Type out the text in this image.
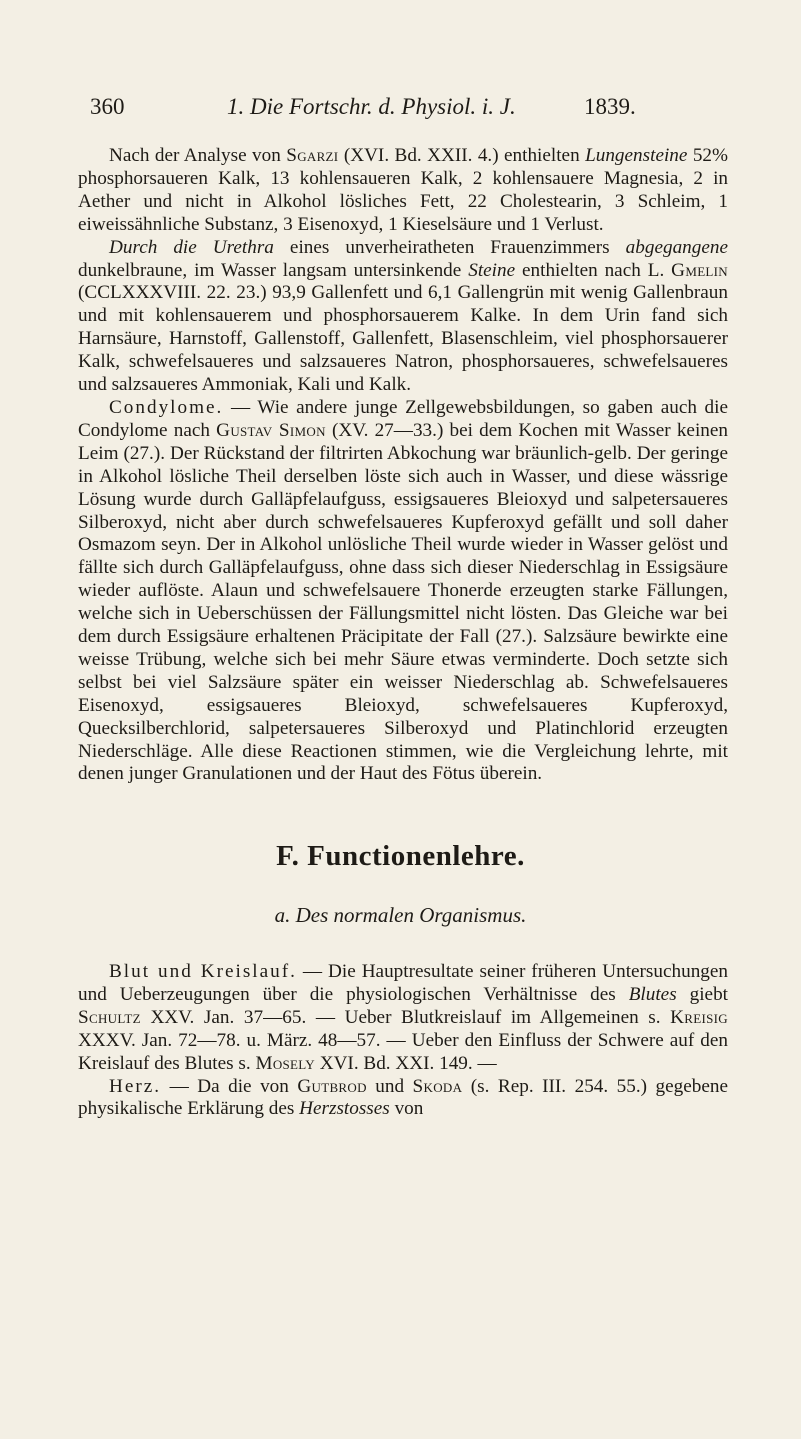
360	1. Die Fortschr. d. Physiol. i. J.	1839.

Nach der Analyse von Sgarzi (XVI. Bd. XXII. 4.) enthielten Lungensteine 52% phosphorsaueren Kalk, 13 kohlensaueren Kalk, 2 kohlensauere Magnesia, 2 in Aether und nicht in Alkohol lösliches Fett, 22 Cholestearin, 3 Schleim, 1 eiweissähnliche Substanz, 3 Eisenoxyd, 1 Kieselsäure und 1 Verlust.

Durch die Urethra eines unverheiratheten Frauenzimmers abgegangene dunkelbraune, im Wasser langsam untersinkende Steine enthielten nach L. Gmelin (CCLXXXVIII. 22. 23.) 93,9 Gallenfett und 6,1 Gallengrün mit wenig Gallenbraun und mit kohlensauerem und phosphorsauerem Kalke. In dem Urin fand sich Harnsäure, Harnstoff, Gallenstoff, Gallenfett, Blasenschleim, viel phosphorsauerer Kalk, schwefelsaueres und salzsaueres Natron, phosphorsaueres, schwefelsaueres und salzsaueres Ammoniak, Kali und Kalk.

Condylome. — Wie andere junge Zellgewebsbildungen, so gaben auch die Condylome nach Gustav Simon (XV. 27—33.) bei dem Kochen mit Wasser keinen Leim (27.). Der Rückstand der filtrirten Abkochung war bräunlich-gelb. Der geringe in Alkohol lösliche Theil derselben löste sich auch in Wasser, und diese wässrige Lösung wurde durch Galläpfelaufguss, essigsaueres Bleioxyd und salpetersaueres Silberoxyd, nicht aber durch schwefelsaueres Kupferoxyd gefällt und soll daher Osmazom seyn. Der in Alkohol unlösliche Theil wurde wieder in Wasser gelöst und fällte sich durch Galläpfelaufguss, ohne dass sich dieser Niederschlag in Essigsäure wieder auflöste. Alaun und schwefelsauere Thonerde erzeugten starke Fällungen, welche sich in Ueberschüssen der Fällungsmittel nicht lösten. Das Gleiche war bei dem durch Essigsäure erhaltenen Präcipitate der Fall (27.). Salzsäure bewirkte eine weisse Trübung, welche sich bei mehr Säure etwas verminderte. Doch setzte sich selbst bei viel Salzsäure später ein weisser Niederschlag ab. Schwefelsaueres Eisenoxyd, essigsaueres Bleioxyd, schwefelsaueres Kupferoxyd, Quecksilberchlorid, salpetersaueres Silberoxyd und Platinchlorid erzeugten Niederschläge. Alle diese Reactionen stimmen, wie die Vergleichung lehrte, mit denen junger Granulationen und der Haut des Fötus überein.

F. Functionenlehre.
a. Des normalen Organismus.

Blut und Kreislauf. — Die Hauptresultate seiner früheren Untersuchungen und Ueberzeugungen über die physiologischen Verhältnisse des Blutes giebt Schultz XXV. Jan. 37—65. — Ueber Blutkreislauf im Allgemeinen s. Kreisig XXXV. Jan. 72—78. u. März. 48—57. — Ueber den Einfluss der Schwere auf den Kreislauf des Blutes s. Mosely XVI. Bd. XXI. 149. —

Herz. — Da die von Gutbrod und Skoda (s. Rep. III. 254. 55.) gegebene physikalische Erklärung des Herzstosses von
